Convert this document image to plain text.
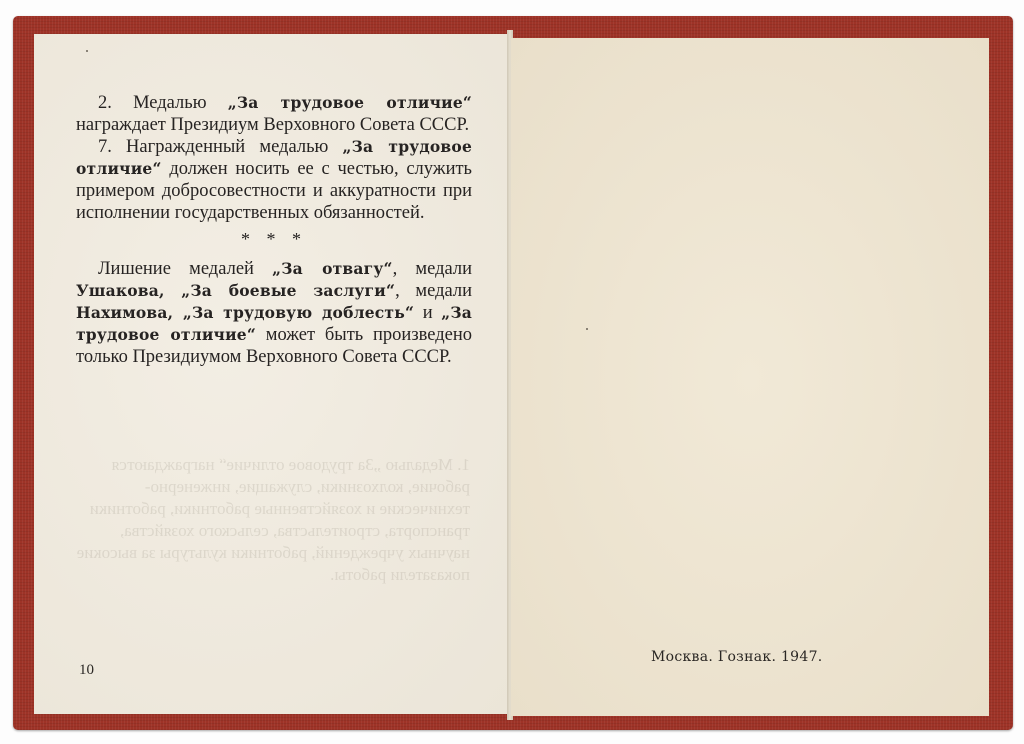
1. Медалью „За трудовое отличие“ награждаются рабочие, колхозники, служащие, инженерно-технические и хозяйственные работники, работники транспорта, строительства, сельского хозяйства, научных учреждений, работники культуры за высокие показатели работы.

2. Медалью „За трудовое отличие“ награждает Президиум Верховного Совета СССР.

7. Награжденный медалью „За трудовое отличие“ должен носить ее с честью, служить примером добросовестности и аккуратности при исполнении государственных обязанностей.

* * *

Лишение медалей „За отвагу“, медали Ушакова, „За боевые заслуги“, медали Нахимова, „За трудовую доблесть“ и „За трудовое отличие“ может быть произведено только Президиумом Верховного Совета СССР.

10
Москва. Гознак. 1947.
